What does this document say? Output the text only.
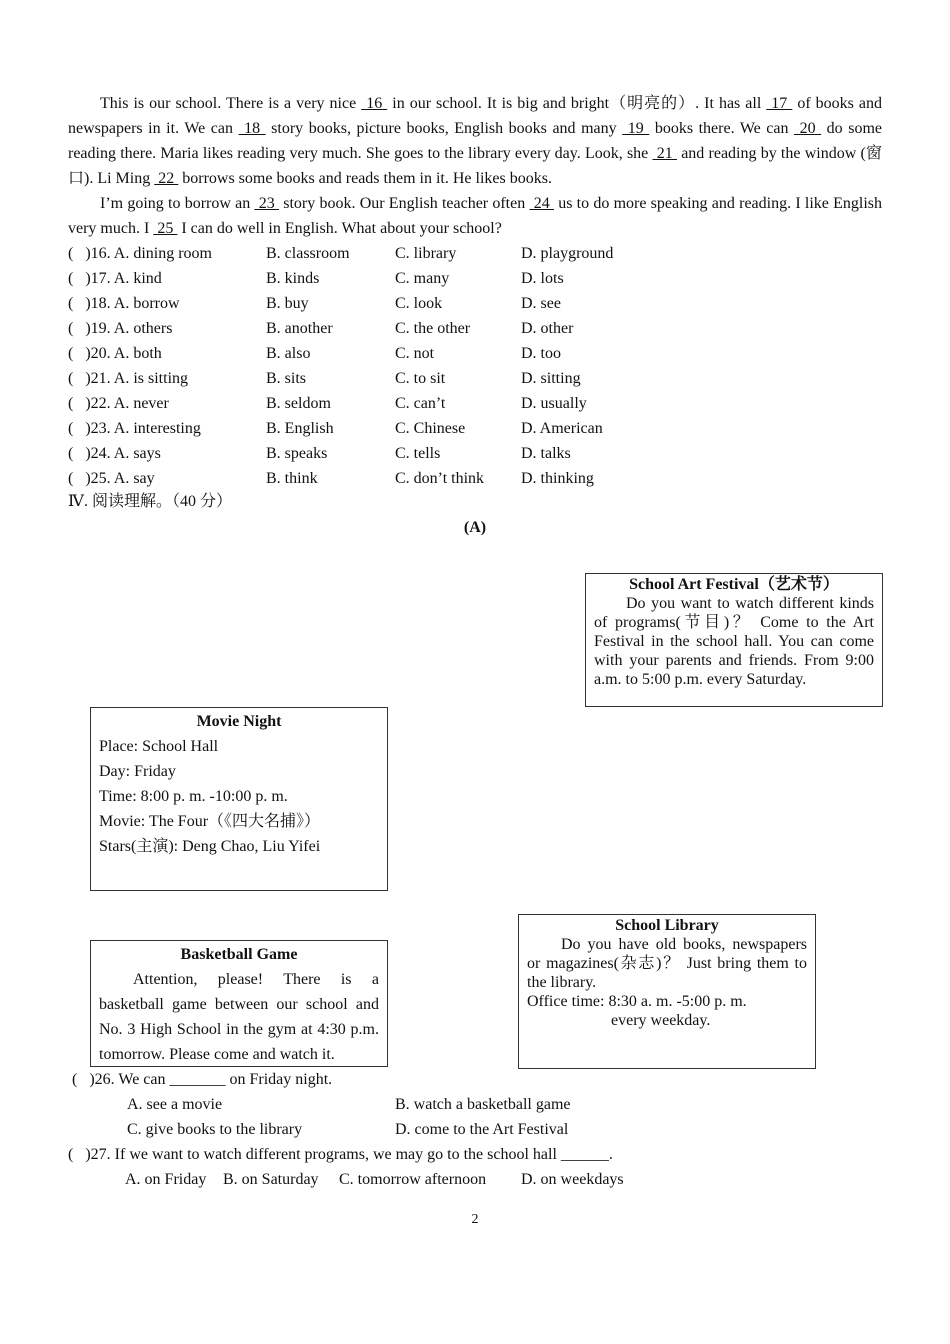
This is our school. There is a very nice  16  in our school. It is big and bright（明亮的）. It has all  17  of books and newspapers in it. We can  18  story books, picture books, English books and many  19  books there. We can  20  do some reading there. Maria likes reading very much. She goes to the library every day. Look, she  21  and reading by the window (窗口). Li Ming  22  borrows some books and reads them in it. He likes books.
I’m going to borrow an  23  story book. Our English teacher often  24  us to do more speaking and reading. I like English very much. I  25  I can do well in English. What about your school?
(   )16. A. dining room	B. classroom	C. library	D. playground
(   )17. A. kind	B. kinds	C. many	D. lots
(   )18. A. borrow	B. buy	C. look	D. see
(   )19. A. others	B. another	C. the other	D. other
(   )20. A. both	B. also	C. not	D. too
(   )21. A. is sitting	B. sits	C. to sit	D. sitting
(   )22. A. never	B. seldom	C. can’t	D. usually
(   )23. A. interesting	B. English	C. Chinese	D. American
(   )24. A. says	B. speaks	C. tells	D. talks
(   )25. A. say	B. think	C. don’t think D. thinking
Ⅳ. 阅读理解。（40 分）
(A)
School Art Festival（艺术节）
Do you want to watch different kinds of programs(节目)？ Come to the Art Festival in the school hall. You can come with your parents and friends. From 9:00 a.m. to 5:00 p.m. every Saturday.
Movie Night
Place: School Hall
Day: Friday
Time: 8:00 p. m. -10:00 p. m.
Movie: The Four（《四大名捕》）
Stars(主演): Deng Chao, Liu Yifei
Basketball Game
Attention, please! There is a basketball game between our school and No. 3 High School in the gym at 4:30 p.m. tomorrow. Please come and watch it.
School Library
Do you have old books, newspapers or magazines(杂志)？ Just bring them to the library.
Office time: 8:30 a. m. -5:00 p. m.
every weekday.
(   )26. We can _______ on Friday night.
A. see a movie	B. watch a basketball game
C. give books to the library	D. come to the Art Festival
(   )27. If we want to watch different programs, we may go to the school hall ______.
A. on Friday B. on Saturday C. tomorrow afternoon D. on weekdays
2
